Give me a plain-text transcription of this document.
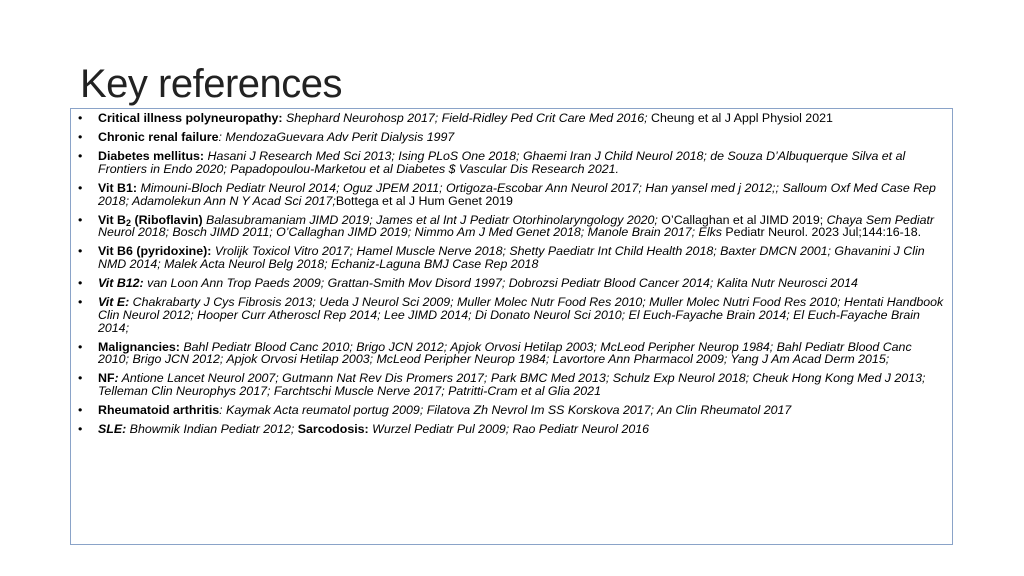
Key references
• Critical illness polyneuropathy: Shephard Neurohosp 2017; Field-Ridley Ped Crit Care Med 2016; Cheung et al J Appl Physiol 2021
• Chronic renal failure: MendozaGuevara Adv Perit Dialysis 1997
• Diabetes mellitus: Hasani J Research Med Sci 2013; Ising PLoS One 2018; Ghaemi Iran J Child Neurol 2018; de Souza D’Albuquerque Silva et al Frontiers in Endo 2020; Papadopoulou-Marketou et al Diabetes $ Vascular Dis Research 2021.
• Vit B1: Mimouni-Bloch Pediatr Neurol 2014; Oguz JPEM 2011; Ortigoza-Escobar Ann Neurol 2017; Han yansel med j 2012;; Salloum Oxf Med Case Rep 2018; Adamolekun Ann N Y Acad Sci 2017;Bottega et al J Hum Genet 2019
• Vit $B_2$ (Riboflavin) Balasubramaniam JIMD 2019; James et al Int J Pediatr Otorhinolaryngology 2020; O’Callaghan et al JIMD 2019; Chaya Sem Pediatr Neurol 2018; Bosch JIMD 2011; O’Callaghan JIMD 2019; Nimmo Am J Med Genet 2018; Manole Brain 2017; Elks Pediatr Neurol. 2023 Jul;144:16-18.
• Vit B6 (pyridoxine): Vrolijk Toxicol Vitro 2017; Hamel Muscle Nerve 2018; Shetty Paediatr Int Child Health 2018; Baxter DMCN 2001; Ghavanini J Clin NMD 2014; Malek Acta Neurol Belg 2018; Echaniz-Laguna BMJ Case Rep 2018
• Vit B12: van Loon Ann Trop Paeds 2009; Grattan-Smith Mov Disord 1997; Dobrozsi Pediatr Blood Cancer 2014; Kalita Nutr Neurosci 2014
• Vit E: Chakrabarty J Cys Fibrosis 2013; Ueda J Neurol Sci 2009; Muller Molec Nutr Food Res 2010; Muller Molec Nutri Food Res 2010; Hentati Handbook Clin Neurol 2012; Hooper Curr Atheroscl Rep 2014; Lee JIMD 2014; Di Donato Neurol Sci 2010; El Euch-Fayache Brain 2014; El Euch-Fayache Brain 2014;
• Malignancies: Bahl Pediatr Blood Canc 2010; Brigo JCN 2012; Apjok Orvosi Hetilap 2003; McLeod Peripher Neurop 1984; Bahl Pediatr Blood Canc 2010; Brigo JCN 2012; Apjok Orvosi Hetilap 2003; McLeod Peripher Neurop 1984; Lavortore Ann Pharmacol 2009; Yang J Am Acad Derm 2015;
• NF: Antione Lancet Neurol 2007; Gutmann Nat Rev Dis Promers 2017; Park BMC Med 2013; Schulz Exp Neurol 2018; Cheuk Hong Kong Med J 2013; Telleman Clin Neurophys 2017; Farchtschi Muscle Nerve 2017; Patritti-Cram et al Glia 2021
• Rheumatoid arthritis: Kaymak Acta reumatol portug 2009; Filatova Zh Nevrol Im SS Korskova 2017; An Clin Rheumatol 2017
• SLE: Bhowmik Indian Pediatr 2012; Sarcodosis: Wurzel Pediatr Pul 2009; Rao Pediatr Neurol 2016
